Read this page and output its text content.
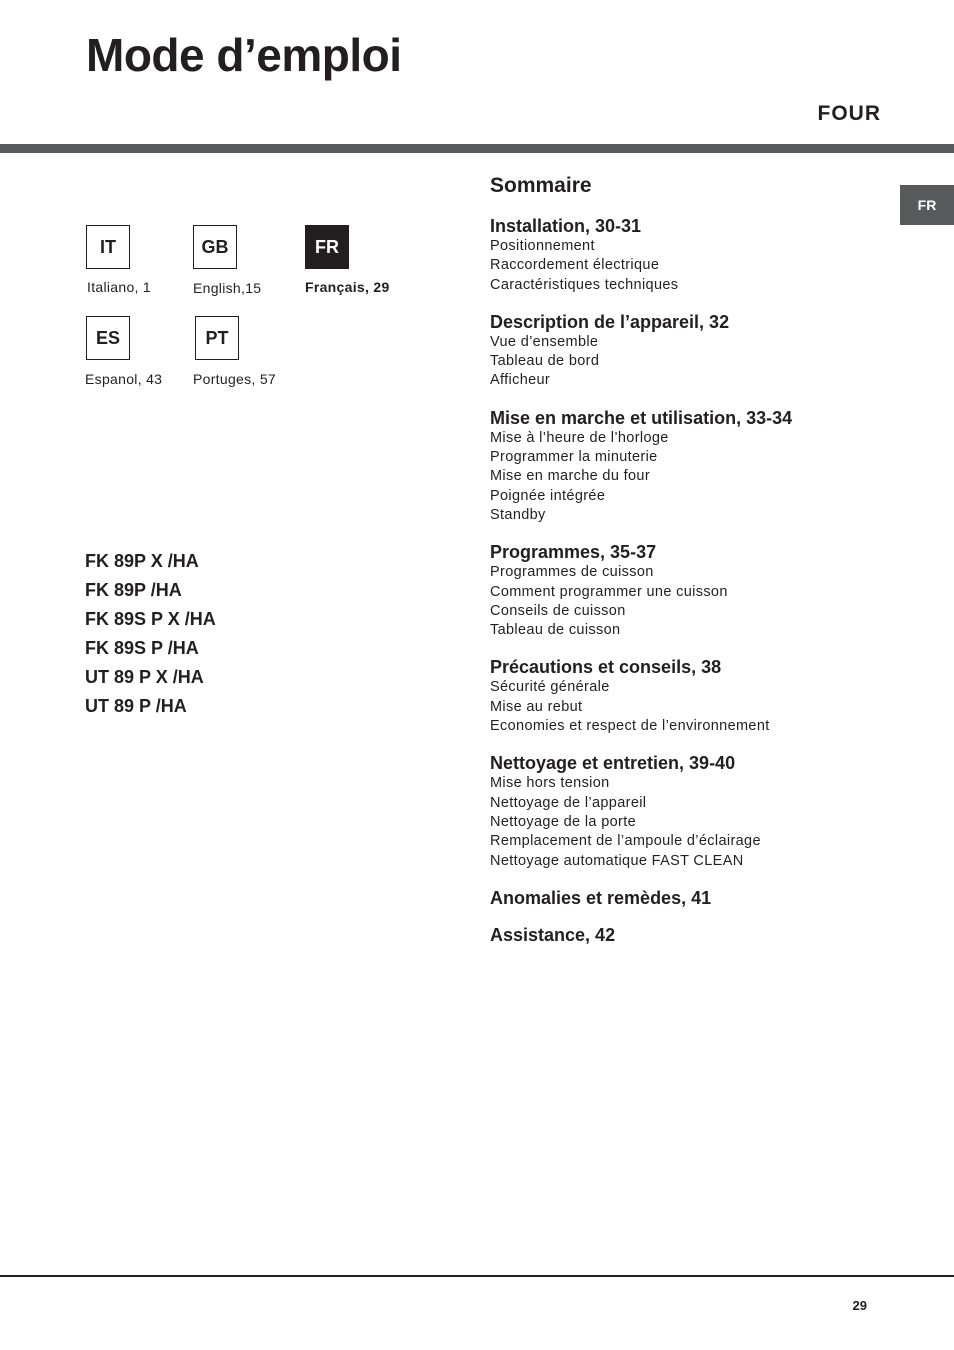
Mode d’emploi
FOUR
FR
IT
Italiano, 1
GB
English,15
FR
Français, 29
ES
Espanol, 43
PT
Portuges, 57
FK 89P X /HA
FK 89P /HA
FK 89S P X /HA
FK 89S P /HA
UT 89 P X /HA
UT 89 P /HA
Sommaire
Installation, 30-31
Positionnement
Raccordement électrique
Caractéristiques techniques
Description de l’appareil, 32
Vue d’ensemble
Tableau de bord
Afficheur
Mise en marche et utilisation, 33-34
Mise à l’heure de l’horloge
Programmer la minuterie
Mise en marche du four
Poignée intégrée
Standby
Programmes, 35-37
Programmes de cuisson
Comment programmer une cuisson
Conseils de cuisson
Tableau de cuisson
Précautions et conseils, 38
Sécurité générale
Mise au rebut
Economies et respect de l’environnement
Nettoyage et entretien, 39-40
Mise hors tension
Nettoyage de l’appareil
Nettoyage de la porte
Remplacement de l’ampoule d’éclairage
Nettoyage automatique FAST CLEAN
Anomalies et remèdes, 41
Assistance, 42
29
